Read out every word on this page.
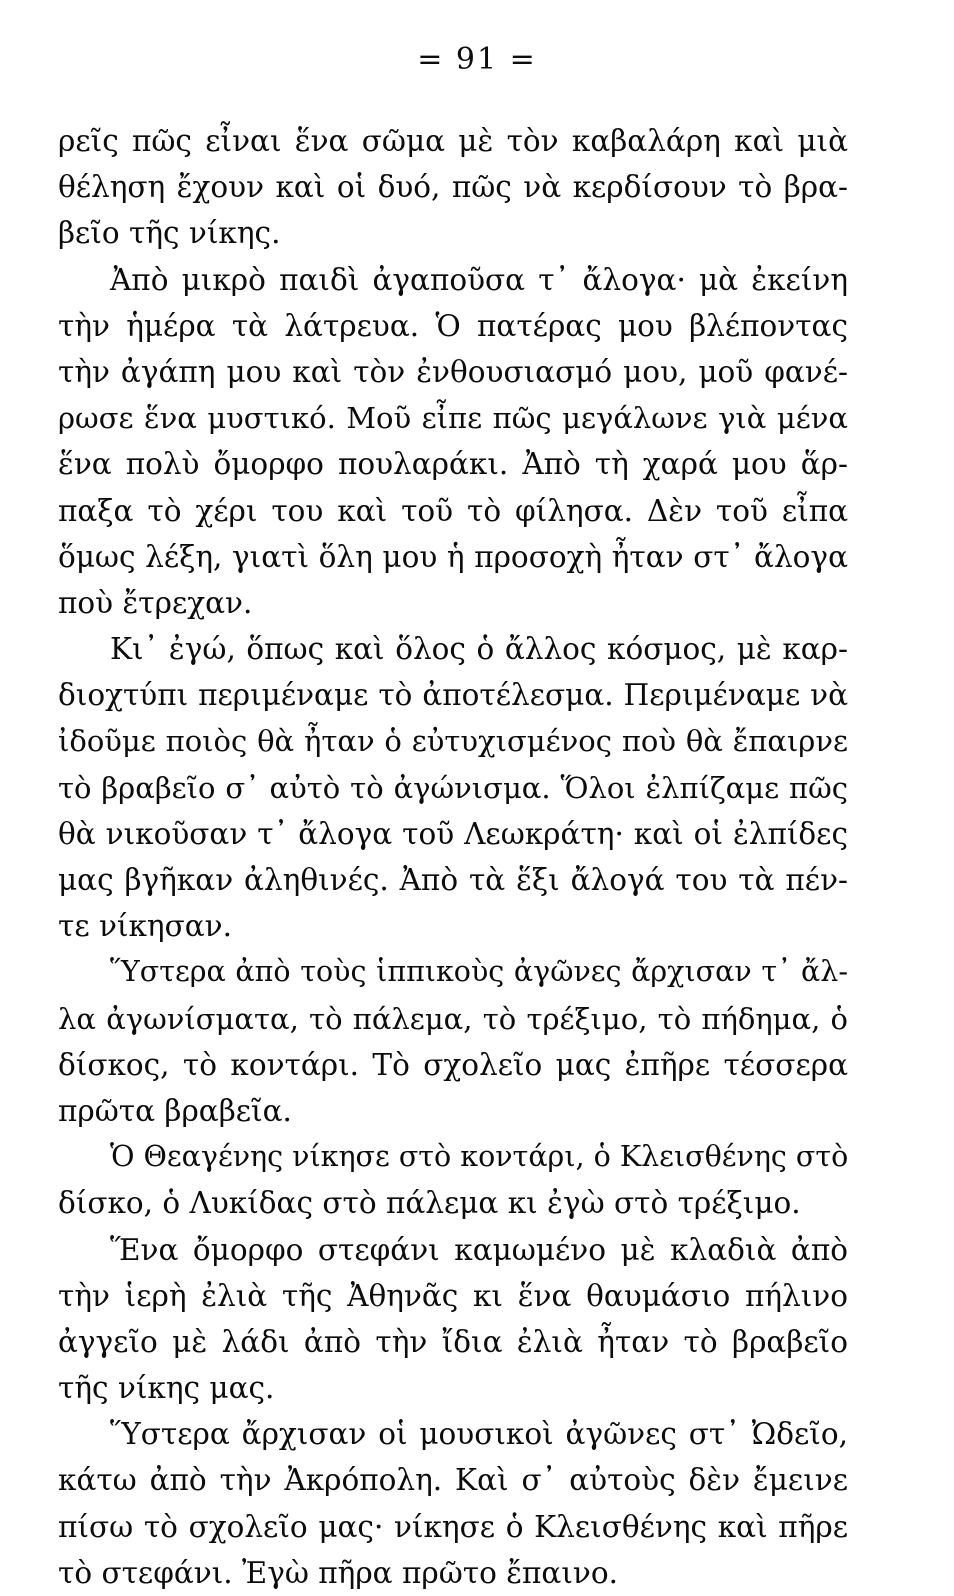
= 91 =
ρεῖς πῶς εἶναι ἕνα σῶμα μὲ τὸν καβαλάρη καὶ μιὰ
θέληση ἔχουν καὶ οἱ δυό, πῶς νὰ κερδίσουν τὸ βρα-
βεῖο τῆς νίκης.
Ἀπὸ μικρὸ παιδὶ ἀγαποῦσα τ᾽ ἄλογα· μὰ ἐκείνη
τὴν ἡμέρα τὰ λάτρευα. Ὁ πατέρας μου βλέποντας
τὴν ἀγάπη μου καὶ τὸν ἐνθουσιασμό μου, μοῦ φανέ-
ρωσε ἕνα μυστικό. Μοῦ εἶπε πῶς μεγάλωνε γιὰ μένα
ἕνα πολὺ ὄμορφο πουλαράκι. Ἀπὸ τὴ χαρά μου ἅρ-
παξα τὸ χέρι του καὶ τοῦ τὸ φίλησα. Δὲν τοῦ εἶπα
ὅμως λέξη, γιατὶ ὅλη μου ἡ προσοχὴ ἦταν στ᾽ ἄλογα
ποὺ ἔτρεχαν.
Κι᾽ ἐγώ, ὅπως καὶ ὅλος ὁ ἄλλος κόσμος, μὲ καρ-
διοχτύπι περιμέναμε τὸ ἀποτέλεσμα. Περιμέναμε νὰ
ἰδοῦμε ποιὸς θὰ ἦταν ὁ εὐτυχισμένος ποὺ θὰ ἔπαιρνε
τὸ βραβεῖο σ᾽ αὐτὸ τὸ ἀγώνισμα. Ὅλοι ἐλπίζαμε πῶς
θὰ νικοῦσαν τ᾽ ἄλογα τοῦ Λεωκράτη· καὶ οἱ ἐλπίδες
μας βγῆκαν ἀληθινές. Ἀπὸ τὰ ἕξι ἄλογά του τὰ πέν-
τε νίκησαν.
Ὕστερα ἀπὸ τοὺς ἱππικοὺς ἀγῶνες ἄρχισαν τ᾽ ἄλ-
λα ἀγωνίσματα, τὸ πάλεμα, τὸ τρέξιμο, τὸ πήδημα, ὁ
δίσκος, τὸ κοντάρι. Τὸ σχολεῖο μας ἐπῆρε τέσσερα
πρῶτα βραβεῖα.
Ὁ Θεαγένης νίκησε στὸ κοντάρι, ὁ Κλεισθένης στὸ
δίσκο, ὁ Λυκίδας στὸ πάλεμα κι ἐγὼ στὸ τρέξιμο.
Ἕνα ὄμορφο στεφάνι καμωμένο μὲ κλαδιὰ ἀπὸ
τὴν ἱερὴ ἐλιὰ τῆς Ἀθηνᾶς κι ἕνα θαυμάσιο πήλινο
ἀγγεῖο μὲ λάδι ἀπὸ τὴν ἴδια ἐλιὰ ἦταν τὸ βραβεῖο
τῆς νίκης μας.
Ὕστερα ἄρχισαν οἱ μουσικοὶ ἀγῶνες στ᾽ Ὠδεῖο,
κάτω ἀπὸ τὴν Ἀκρόπολη. Καὶ σ᾽ αὐτοὺς δὲν ἔμεινε
πίσω τὸ σχολεῖο μας· νίκησε ὁ Κλεισθένης καὶ πῆρε
τὸ στεφάνι. Ἐγὼ πῆρα πρῶτο ἔπαινο.
